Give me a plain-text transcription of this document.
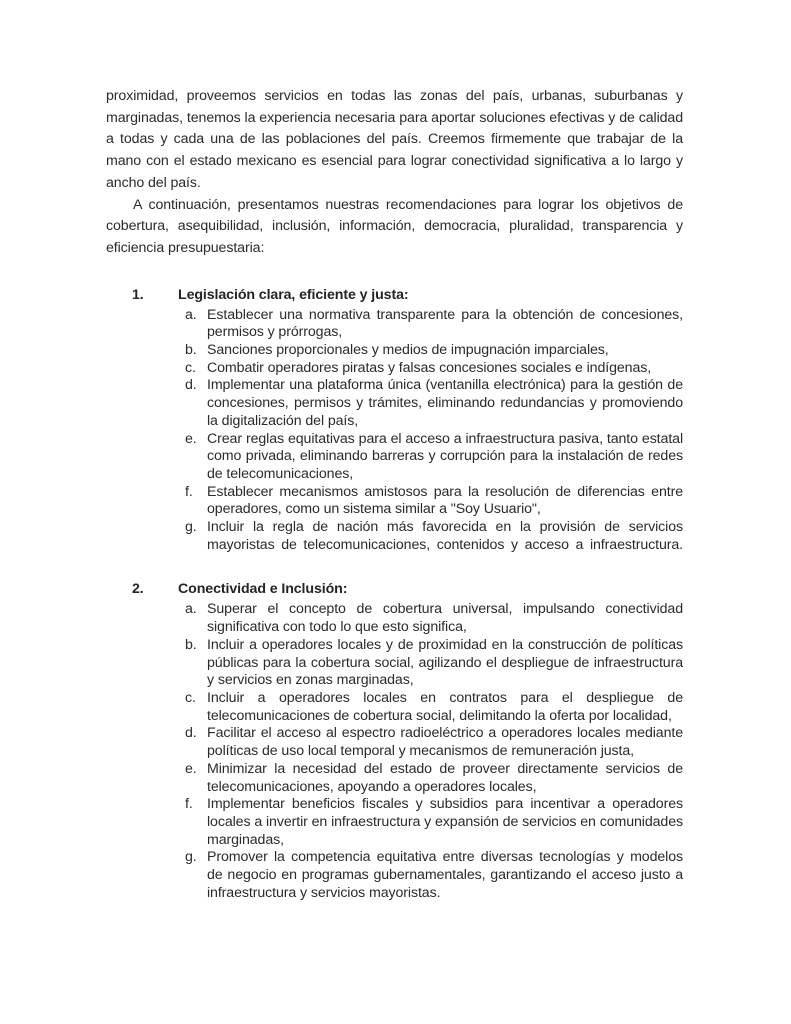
proximidad, proveemos servicios en todas las zonas del país, urbanas, suburbanas y marginadas, tenemos la experiencia necesaria para aportar soluciones efectivas y de calidad a todas y cada una de las poblaciones del país. Creemos firmemente que trabajar de la mano con el estado mexicano es esencial para lograr conectividad significativa a lo largo y ancho del país.

A continuación, presentamos nuestras recomendaciones para lograr los objetivos de cobertura, asequibilidad, inclusión, información, democracia, pluralidad, transparencia y eficiencia presupuestaria:

1. Legislación clara, eficiente y justa:
a. Establecer una normativa transparente para la obtención de concesiones, permisos y prórrogas,
b. Sanciones proporcionales y medios de impugnación imparciales,
c. Combatir operadores piratas y falsas concesiones sociales e indígenas,
d. Implementar una plataforma única (ventanilla electrónica) para la gestión de concesiones, permisos y trámites, eliminando redundancias y promoviendo la digitalización del país,
e. Crear reglas equitativas para el acceso a infraestructura pasiva, tanto estatal como privada, eliminando barreras y corrupción para la instalación de redes de telecomunicaciones,
f.	Establecer mecanismos amistosos para la resolución de diferencias entre operadores, como un sistema similar a "Soy Usuario",
g. Incluir la regla de nación más favorecida en la provisión de servicios mayoristas de telecomunicaciones, contenidos y acceso a infraestructura.
2. Conectividad e Inclusión:
a. Superar el concepto de cobertura universal, impulsando conectividad significativa con todo lo que esto significa,
b. Incluir a operadores locales y de proximidad en la construcción de políticas públicas para la cobertura social, agilizando el despliegue de infraestructura y servicios en zonas marginadas,
c. Incluir a operadores locales en contratos para el despliegue de telecomunicaciones de cobertura social, delimitando la oferta por localidad,
d. Facilitar el acceso al espectro radioeléctrico a operadores locales mediante políticas de uso local temporal y mecanismos de remuneración justa,
e. Minimizar la necesidad del estado de proveer directamente servicios de telecomunicaciones, apoyando a operadores locales,
f.	Implementar beneficios fiscales y subsidios para incentivar a operadores locales a invertir en infraestructura y expansión de servicios en comunidades marginadas,
g. Promover la competencia equitativa entre diversas tecnologías y modelos de negocio en programas gubernamentales, garantizando el acceso justo a infraestructura y servicios mayoristas.
